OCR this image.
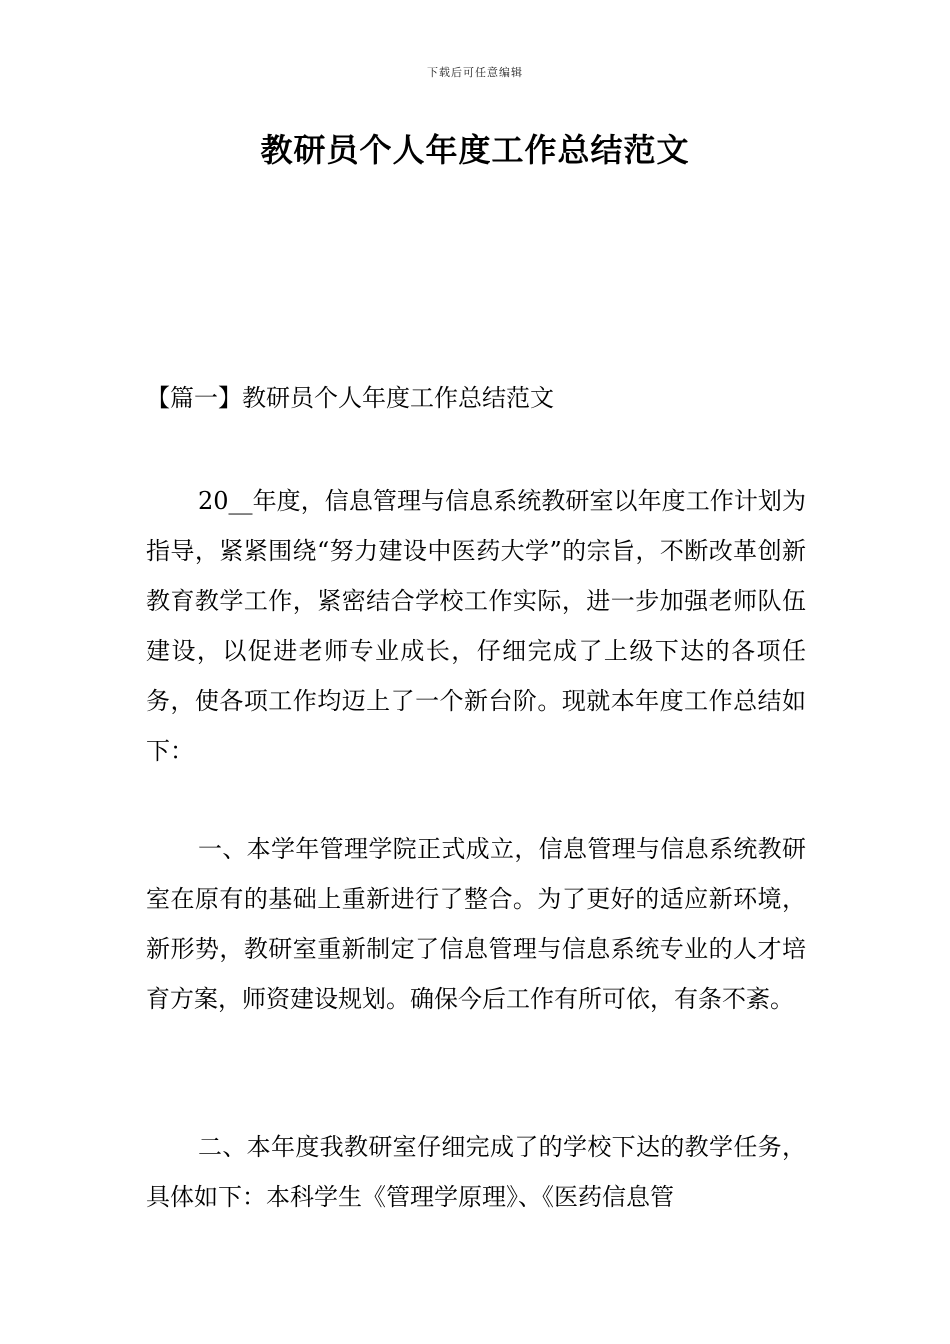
下载后可任意编辑
教研员个人年度工作总结范文
【篇一】教研员个人年度工作总结范文

20__年度，信息管理与信息系统教研室以年度工作计划为指导，紧紧围绕“努力建设中医药大学”的宗旨，不断改革创新教育教学工作，紧密结合学校工作实际，进一步加强老师队伍建设，以促进老师专业成长，仔细完成了上级下达的各项任务，使各项工作均迈上了一个新台阶。现就本年度工作总结如下：

一、本学年管理学院正式成立，信息管理与信息系统教研室在原有的基础上重新进行了整合。为了更好的适应新环境，新形势，教研室重新制定了信息管理与信息系统专业的人才培育方案，师资建设规划。确保今后工作有所可依，有条不紊。

二、本年度我教研室仔细完成了的学校下达的教学任务，具体如下：本科学生《管理学原理》、《医药信息管
